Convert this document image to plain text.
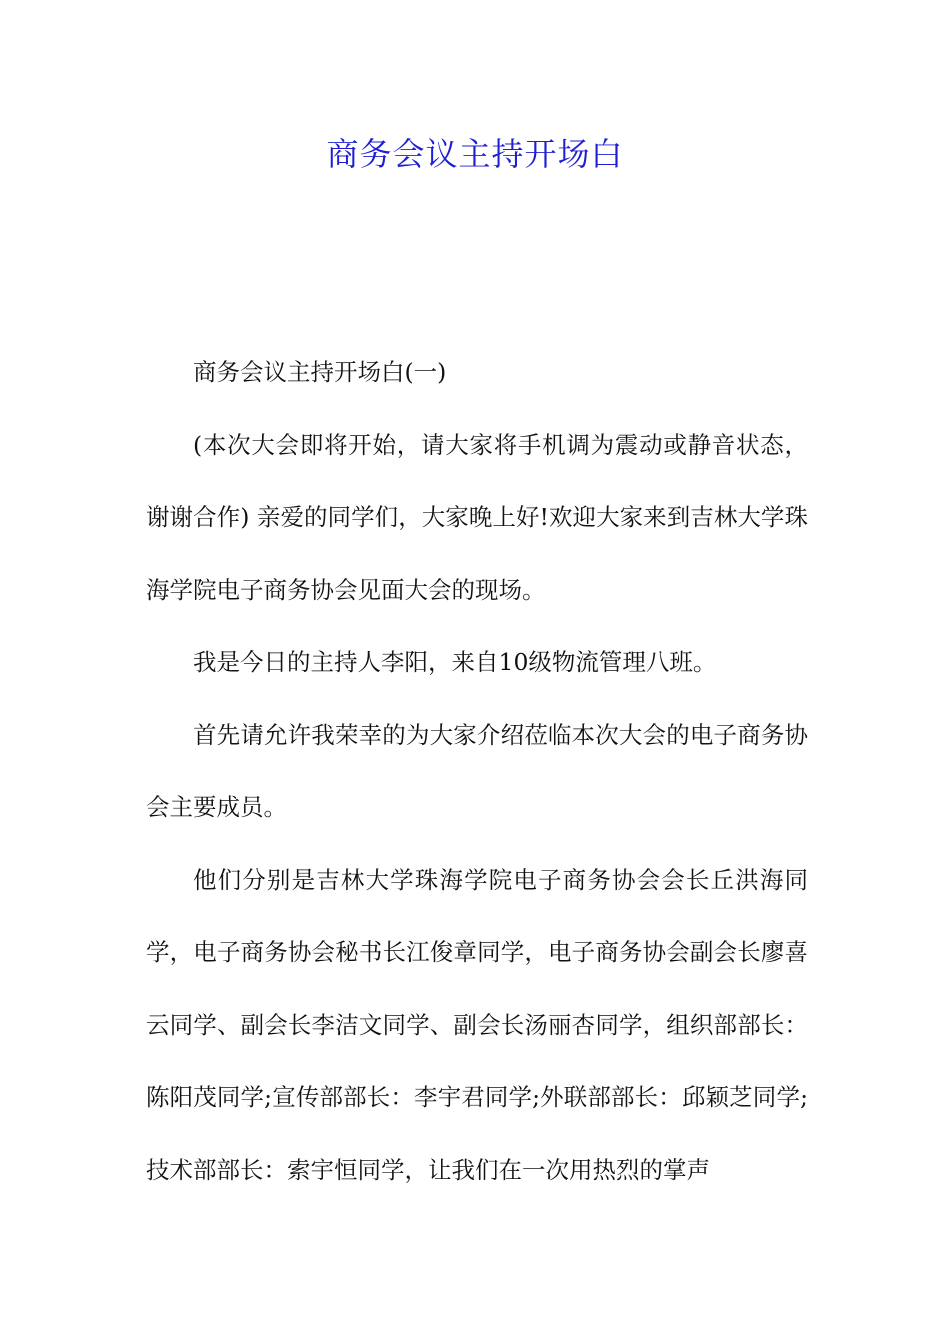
商务会议主持开场白

商务会议主持开场白(一)

(本次大会即将开始，请大家将手机调为震动或静音状态，谢谢合作) 亲爱的同学们，大家晚上好!欢迎大家来到吉林大学珠海学院电子商务协会见面大会的现场。

我是今日的主持人李阳，来自10级物流管理八班。

首先请允许我荣幸的为大家介绍莅临本次大会的电子商务协会主要成员。

他们分别是吉林大学珠海学院电子商务协会会长丘洪海同学，电子商务协会秘书长江俊章同学，电子商务协会副会长廖喜云同学、副会长李洁文同学、副会长汤丽杏同学，组织部部长：陈阳茂同学;宣传部部长：李宇君同学;外联部部长：邱颖芝同学;技术部部长：索宇恒同学，让我们在一次用热烈的掌声
